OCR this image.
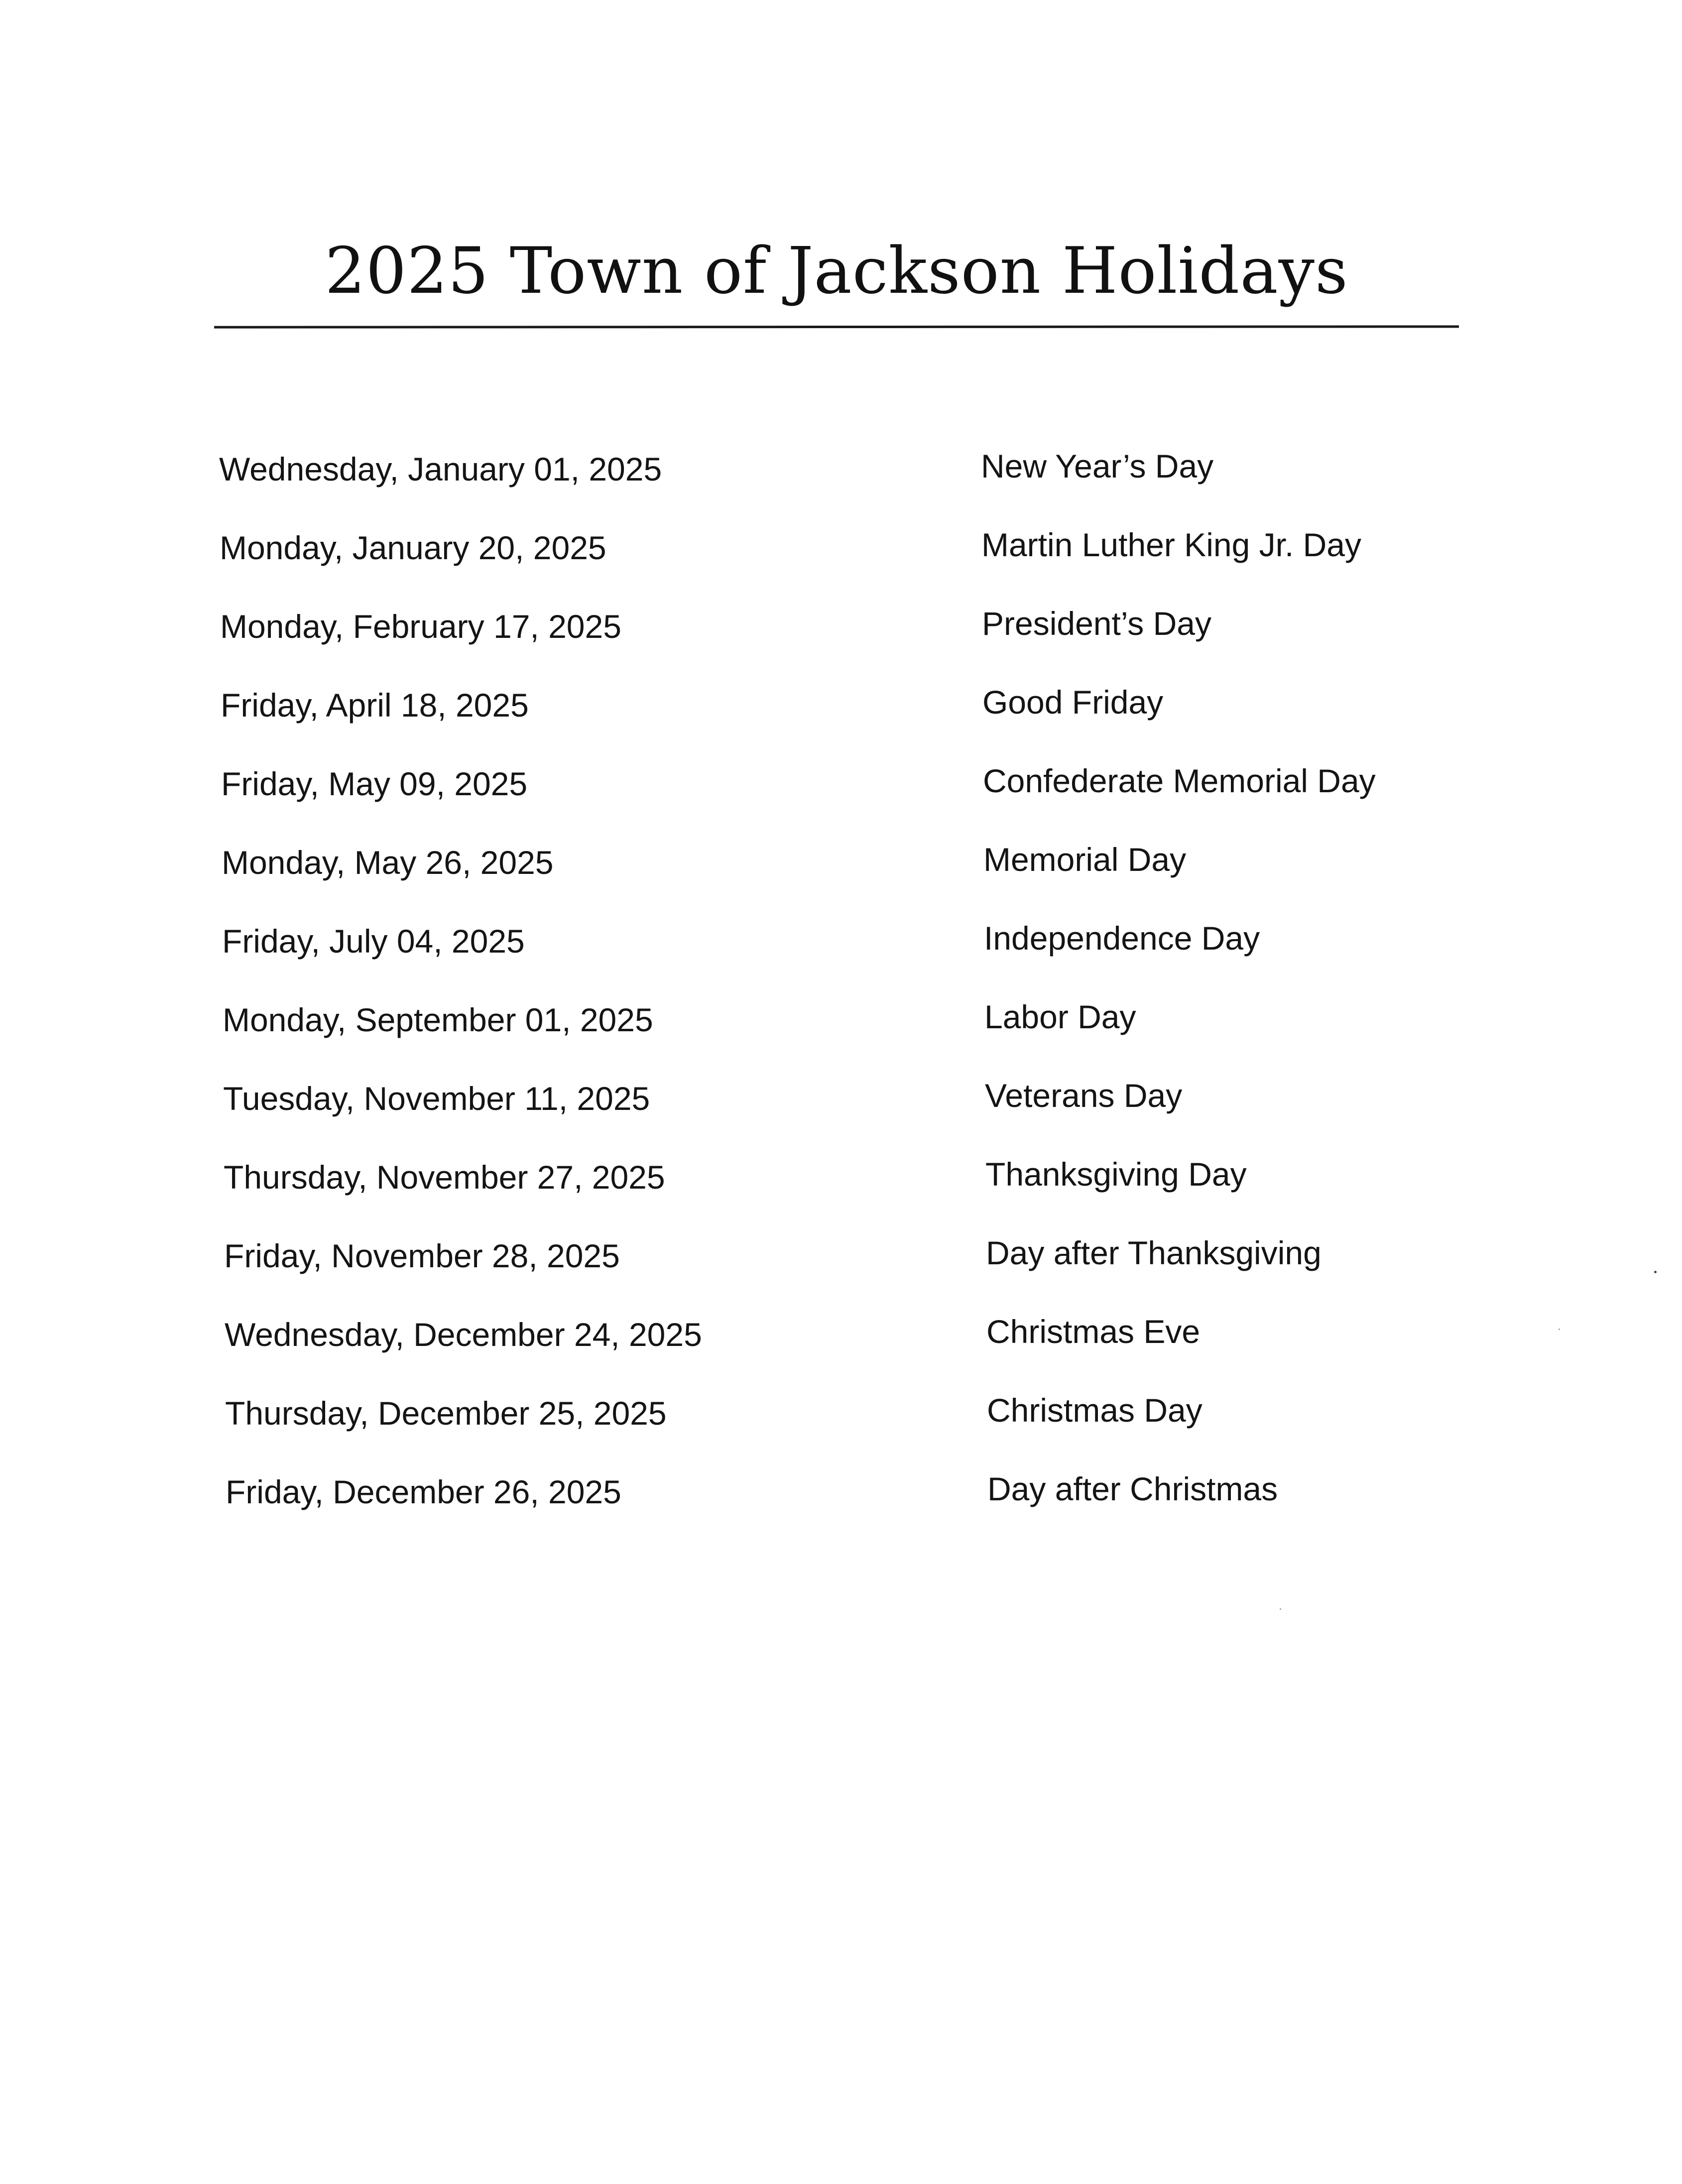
2025 Town of Jackson Holidays
Wednesday, January 01, 2025	New Year’s Day
Monday, January 20, 2025	Martin Luther King Jr. Day
Monday, February 17, 2025	President’s Day
Friday, April 18, 2025	Good Friday
Friday, May 09, 2025	Confederate Memorial Day
Monday, May 26, 2025	Memorial Day
Friday, July 04, 2025	Independence Day
Monday, September 01, 2025	Labor Day
Tuesday, November 11, 2025	Veterans Day
Thursday, November 27, 2025	Thanksgiving Day
Friday, November 28, 2025	Day after Thanksgiving
Wednesday, December 24, 2025	Christmas Eve
Thursday, December 25, 2025	Christmas Day
Friday, December 26, 2025	Day after Christmas
